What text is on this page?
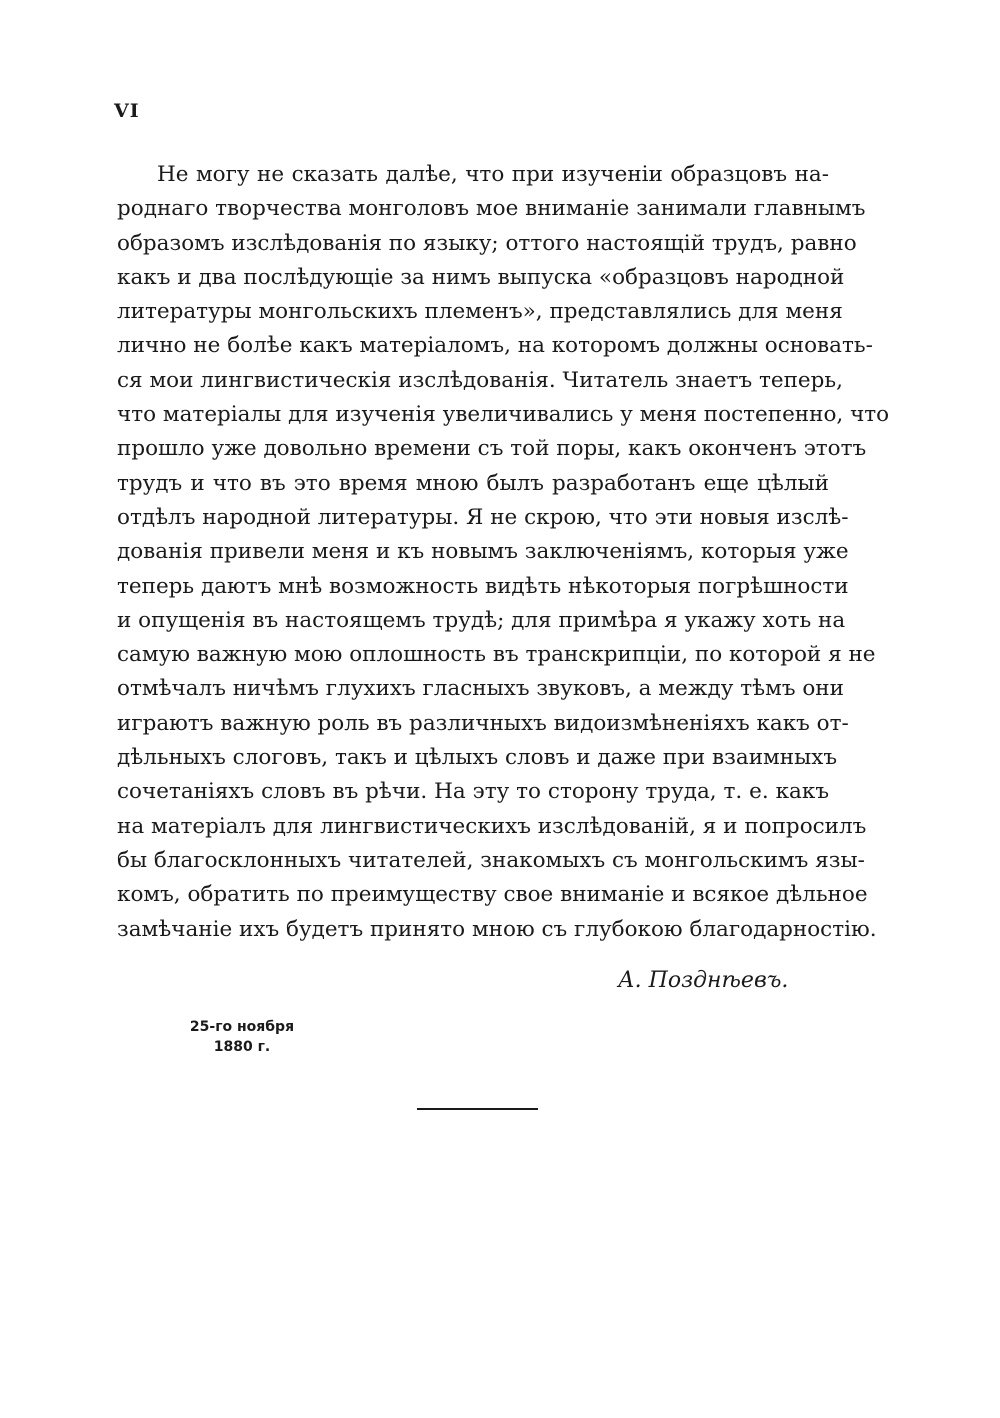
VI
Не могу не сказать далѣе, что при изученіи образцовъ на-
роднаго творчества монголовъ мое вниманіе занимали главнымъ
образомъ изслѣдованія по языку; оттого настоящій трудъ, равно
какъ и два послѣдующіе за нимъ выпуска «образцовъ народной
литературы монгольскихъ племенъ», представлялись для меня
лично не болѣе какъ матеріаломъ, на которомъ должны основать-
ся мои лингвистическія изслѣдованія. Читатель знаетъ теперь,
что матеріалы для изученія увеличивались у меня постепенно, что
прошло уже довольно времени съ той поры, какъ оконченъ этотъ
трудъ и что въ это время мною былъ разработанъ еще цѣлый
отдѣлъ народной литературы. Я не скрою, что эти новыя изслѣ-
дованія привели меня и къ новымъ заключеніямъ, которыя уже
теперь даютъ мнѣ возможность видѣть нѣкоторыя погрѣшности
и опущенія въ настоящемъ трудѣ; для примѣра я укажу хоть на
самую важную мою оплошность въ транскрипціи, по которой я не
отмѣчалъ ничѣмъ глухихъ гласныхъ звуковъ, а между тѣмъ они
играютъ важную роль въ различныхъ видоизмѣненіяхъ какъ от-
дѣльныхъ слоговъ, такъ и цѣлыхъ словъ и даже при взаимныхъ
сочетаніяхъ словъ въ рѣчи. На эту то сторону труда, т. е. какъ
на матеріалъ для лингвистическихъ изслѣдованій, я и попросилъ
бы благосклонныхъ читателей, знакомыхъ съ монгольскимъ язы-
комъ, обратить по преимуществу свое вниманіе и всякое дѣльное
замѣчаніе ихъ будетъ принято мною съ глубокою благодарностію.
А. Позднѣевъ.
25-го ноября
1880 г.
